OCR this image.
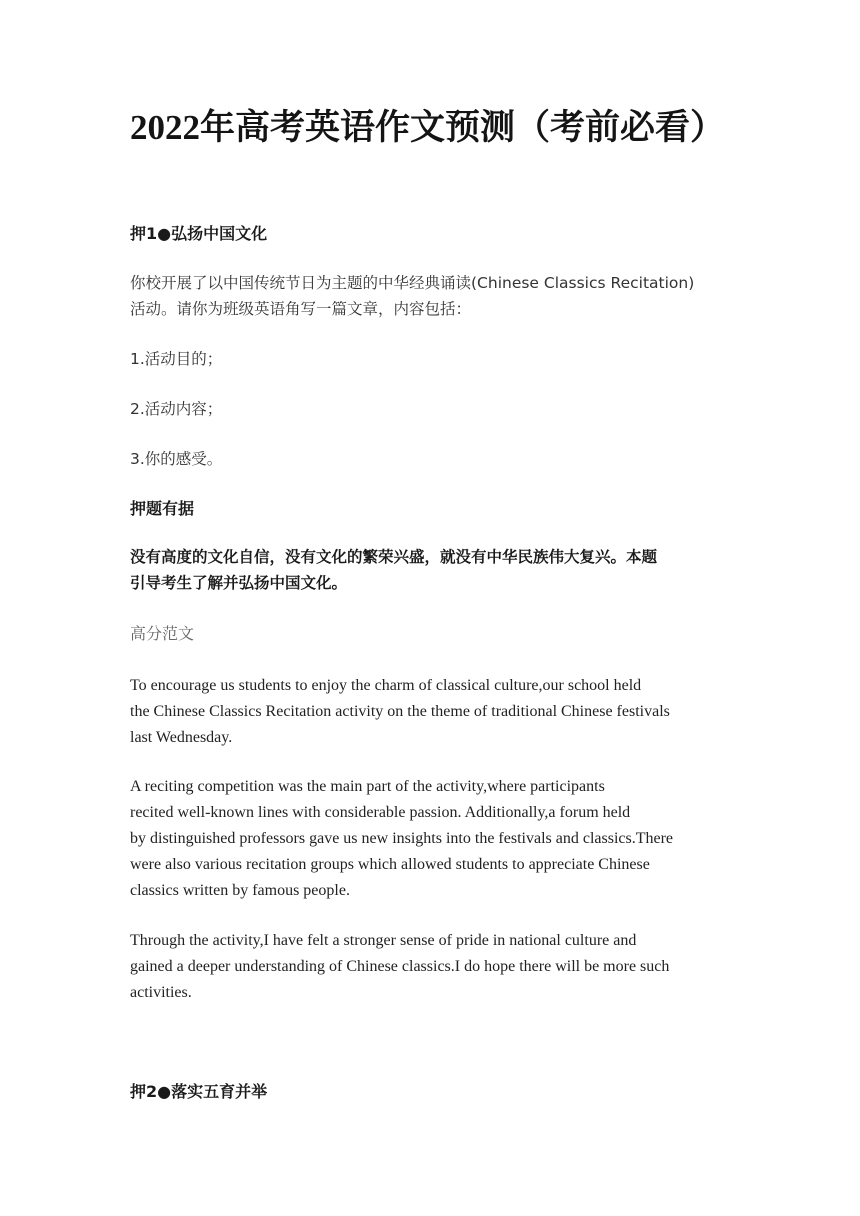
2022年高考英语作文预测（考前必看）
押1●弘扬中国文化
你校开展了以中国传统节日为主题的中华经典诵读(Chinese Classics Recitation)
活动。请你为班级英语角写一篇文章，内容包括：
1.活动目的；
2.活动内容；
3.你的感受。
押题有据
没有高度的文化自信，没有文化的繁荣兴盛，就没有中华民族伟大复兴。本题
引导考生了解并弘扬中国文化。
高分范文
To encourage us students to enjoy the charm of classical culture,our school held
the Chinese Classics Recitation activity on the theme of traditional Chinese festivals
last Wednesday.
A reciting competition was the main part of the activity,where participants
recited well-known lines with considerable passion. Additionally,a forum held
by distinguished professors gave us new insights into the festivals and classics.There
were also various recitation groups which allowed students to appreciate Chinese
classics written by famous people.
Through the activity,I have felt a stronger sense of pride in national culture and
gained a deeper understanding of Chinese classics.I do hope there will be more such
activities.
押2●落实五育并举
